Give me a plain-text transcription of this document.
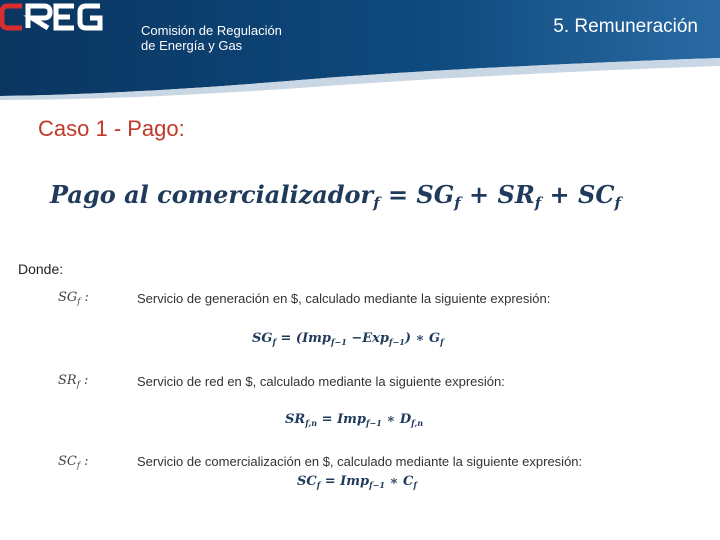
Comisión de Regulación
de Energía y Gas
5. Remuneración
Caso 1 - Pago:
Pago al comercializador$_f$ = $SG_f + SR_f + SC_f$
Donde:
$SG_f$ :	Servicio de generación en $, calculado mediante la siguiente expresión:
$SG_f = (Imp_{f-1} -Exp_{f-1})$ ∗ $G_f$
$SR_f$ :	Servicio de red en $, calculado mediante la siguiente expresión:
$SR_{f,n} = Imp_{f-1}$ ∗ $D_{f,n}$
$SC_f$ :	Servicio de comercialización en $, calculado mediante la siguiente expresión:
$SC_f = Imp_{f-1}$ ∗ $C_f$
